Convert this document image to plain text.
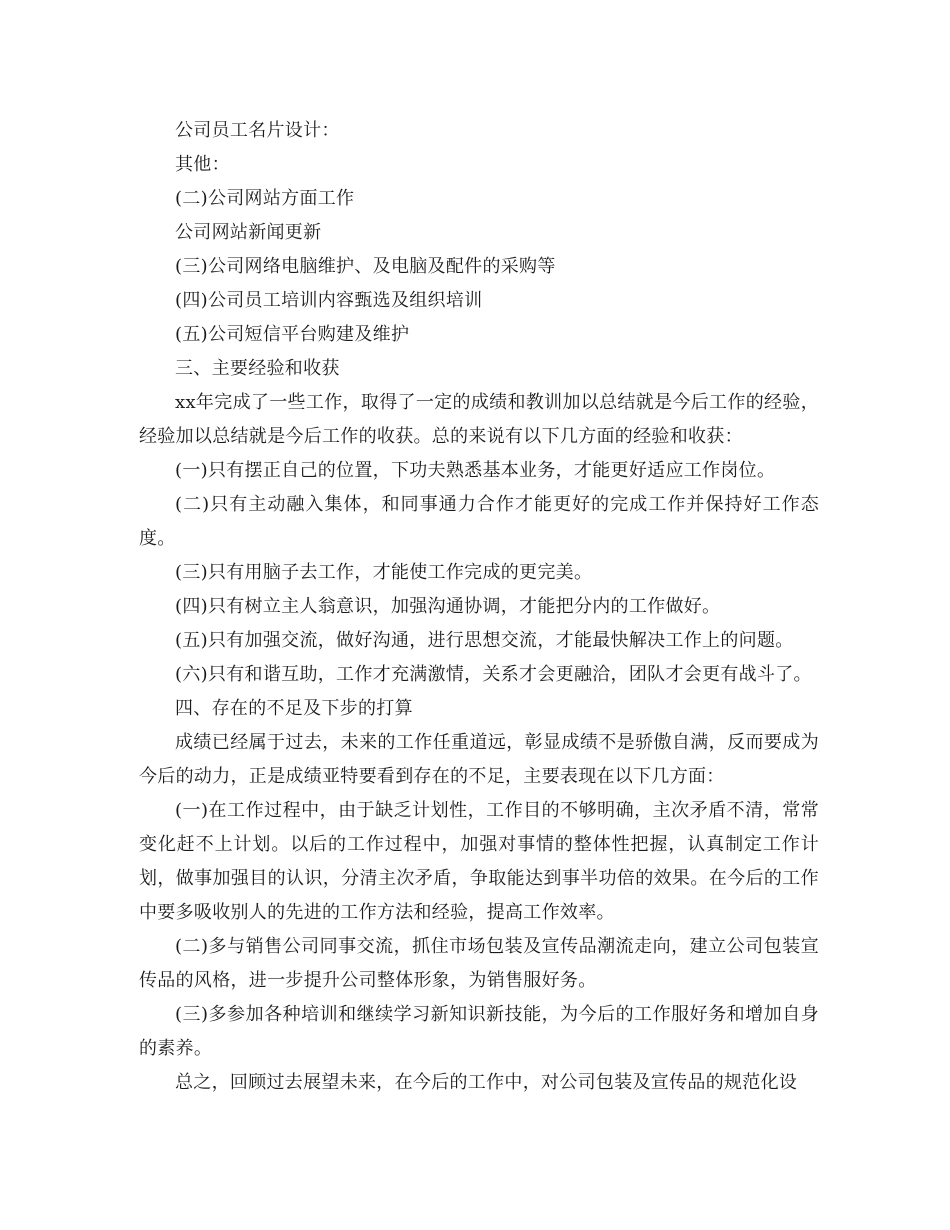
公司员工名片设计：

其他：

(二)公司网站方面工作

公司网站新闻更新

(三)公司网络电脑维护、及电脑及配件的采购等

(四)公司员工培训内容甄选及组织培训

(五)公司短信平台购建及维护

三、主要经验和收获

xx年完成了一些工作，取得了一定的成绩和教训加以总结就是今后工作的经验，经验加以总结就是今后工作的收获。总的来说有以下几方面的经验和收获：

(一)只有摆正自己的位置，下功夫熟悉基本业务，才能更好适应工作岗位。

(二)只有主动融入集体，和同事通力合作才能更好的完成工作并保持好工作态度。

(三)只有用脑子去工作，才能使工作完成的更完美。

(四)只有树立主人翁意识，加强沟通协调，才能把分内的工作做好。

(五)只有加强交流，做好沟通，进行思想交流，才能最快解决工作上的问题。

(六)只有和谐互助，工作才充满激情，关系才会更融洽，团队才会更有战斗了。

四、存在的不足及下步的打算

成绩已经属于过去，未来的工作任重道远，彰显成绩不是骄傲自满，反而要成为今后的动力，正是成绩亚特要看到存在的不足，主要表现在以下几方面：

(一)在工作过程中，由于缺乏计划性，工作目的不够明确，主次矛盾不清，常常变化赶不上计划。以后的工作过程中，加强对事情的整体性把握，认真制定工作计划，做事加强目的认识，分清主次矛盾，争取能达到事半功倍的效果。在今后的工作中要多吸收别人的先进的工作方法和经验，提高工作效率。

(二)多与销售公司同事交流，抓住市场包装及宣传品潮流走向，建立公司包装宣传品的风格，进一步提升公司整体形象，为销售服好务。

(三)多参加各种培训和继续学习新知识新技能，为今后的工作服好务和增加自身的素养。

总之，回顾过去展望未来，在今后的工作中，对公司包装及宣传品的规范化设
